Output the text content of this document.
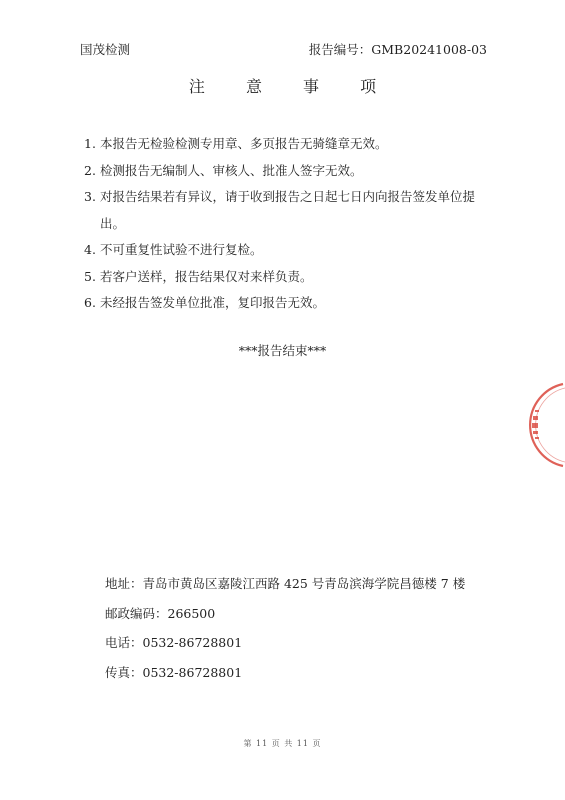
国茂检测	报告编号：GMB20241008-03
注 意 事 项
1. 本报告无检验检测专用章、多页报告无骑缝章无效。
2. 检测报告无编制人、审核人、批准人签字无效。
3. 对报告结果若有异议，请于收到报告之日起七日内向报告签发单位提出。
4. 不可重复性试验不进行复检。
5. 若客户送样，报告结果仅对来样负责。
6. 未经报告签发单位批准，复印报告无效。
***报告结束***
地址：青岛市黄岛区嘉陵江西路 425 号青岛滨海学院昌德楼 7 楼
邮政编码：266500
电话：0532-86728801
传真：0532-86728801
第 11 页 共 11 页
